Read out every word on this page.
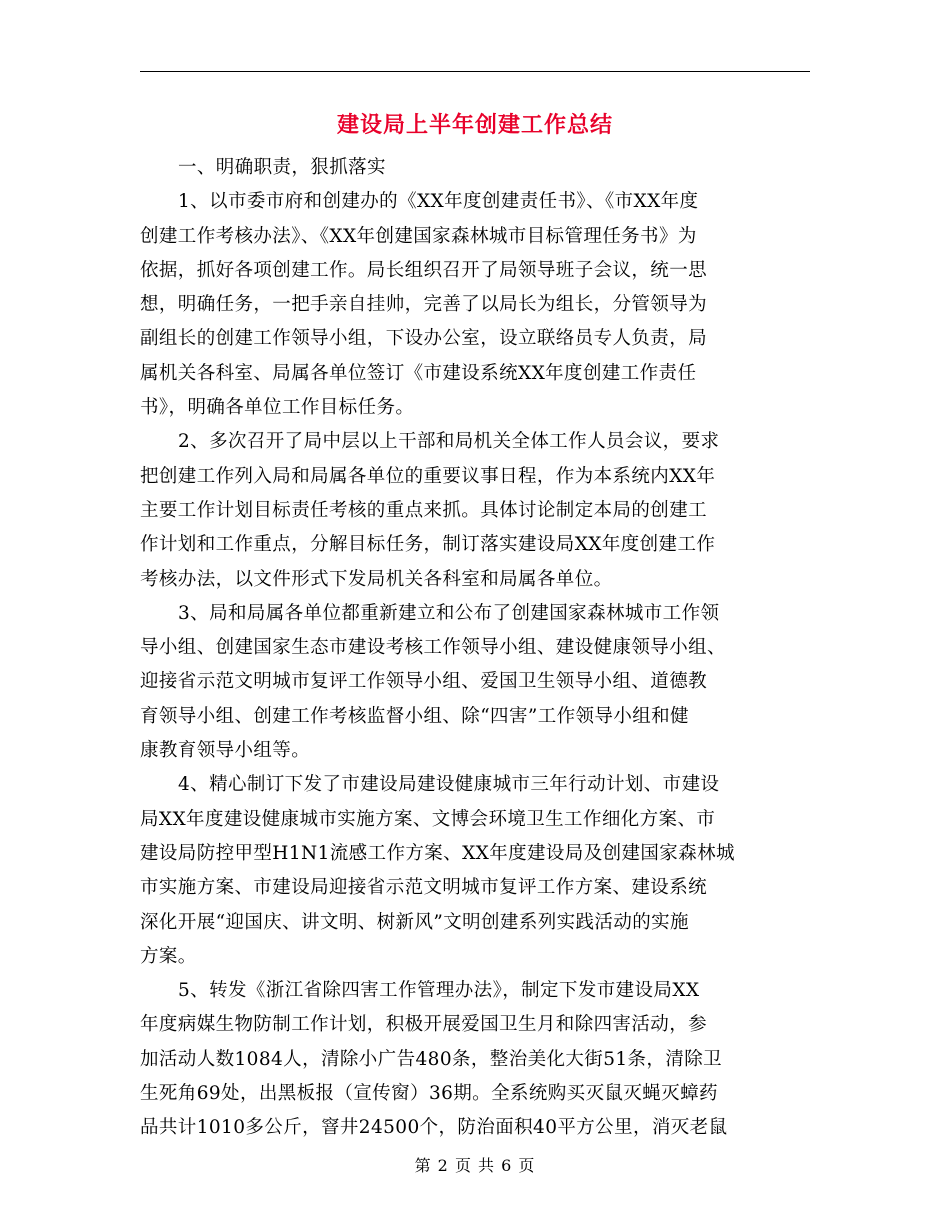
建设局上半年创建工作总结
一、明确职责，狠抓落实
1、以市委市府和创建办的《XX年度创建责任书》、《市XX年度
创建工作考核办法》、《XX年创建国家森林城市目标管理任务书》为
依据，抓好各项创建工作。局长组织召开了局领导班子会议，统一思
想，明确任务，一把手亲自挂帅，完善了以局长为组长，分管领导为
副组长的创建工作领导小组，下设办公室，设立联络员专人负责，局
属机关各科室、局属各单位签订《市建设系统XX年度创建工作责任
书》，明确各单位工作目标任务。
2、多次召开了局中层以上干部和局机关全体工作人员会议，要求
把创建工作列入局和局属各单位的重要议事日程，作为本系统内XX年
主要工作计划目标责任考核的重点来抓。具体讨论制定本局的创建工
作计划和工作重点，分解目标任务，制订落实建设局XX年度创建工作
考核办法，以文件形式下发局机关各科室和局属各单位。
3、局和局属各单位都重新建立和公布了创建国家森林城市工作领
导小组、创建国家生态市建设考核工作领导小组、建设健康领导小组、
迎接省示范文明城市复评工作领导小组、爱国卫生领导小组、道德教
育领导小组、创建工作考核监督小组、除“四害”工作领导小组和健
康教育领导小组等。
4、精心制订下发了市建设局建设健康城市三年行动计划、市建设
局XX年度建设健康城市实施方案、文博会环境卫生工作细化方案、市
建设局防控甲型H1N1流感工作方案、XX年度建设局及创建国家森林城
市实施方案、市建设局迎接省示范文明城市复评工作方案、建设系统
深化开展“迎国庆、讲文明、树新风”文明创建系列实践活动的实施
方案。
5、转发《浙江省除四害工作管理办法》，制定下发市建设局XX
年度病媒生物防制工作计划，积极开展爱国卫生月和除四害活动，参
加活动人数1084人，清除小广告480条，整治美化大街51条，清除卫
生死角69处，出黑板报（宣传窗）36期。全系统购买灭鼠灭蝇灭蟑药
品共计1010多公斤，窨井24500个，防治面积40平方公里，消灭老鼠
第 2 页 共 6 页
